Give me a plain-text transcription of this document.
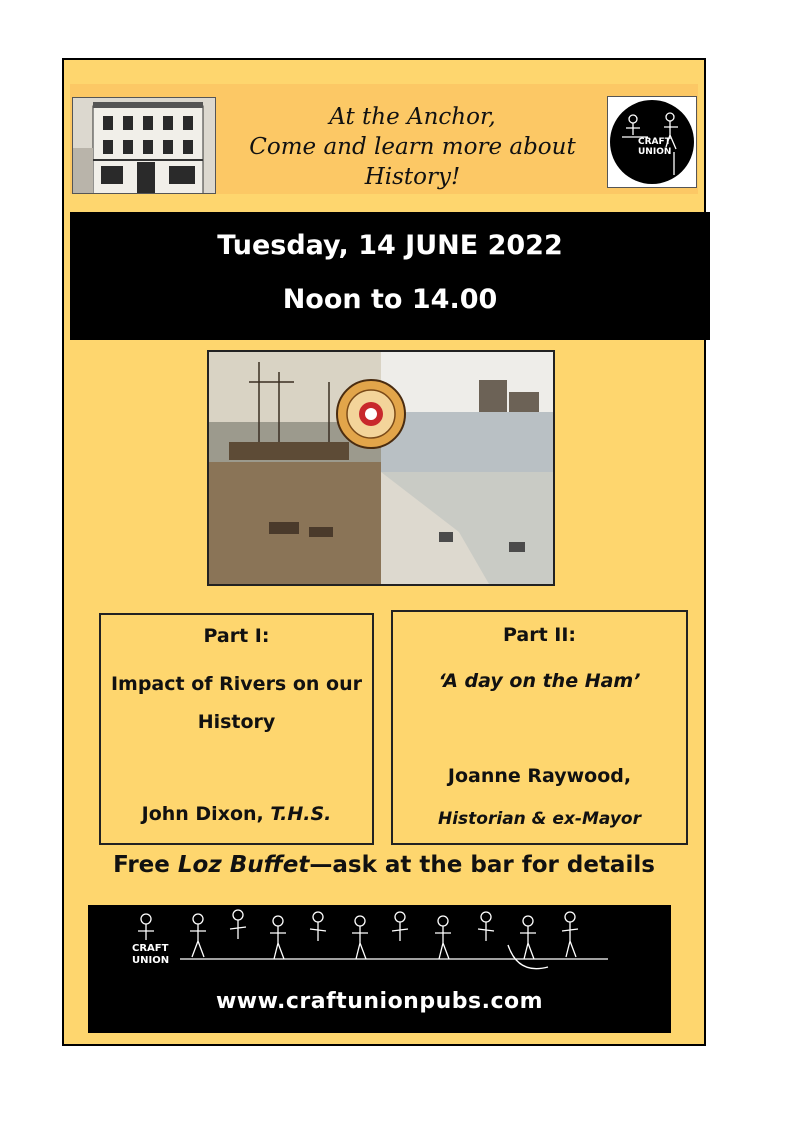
At the Anchor,
Come and learn more about
History!
CRAFT
UNION
Tuesday, 14 JUNE 2022
Noon to 14.00
Part I:
Impact of Rivers on our
History
John Dixon, T.H.S.
Part II:
‘A day on the Ham’
Joanne Raywood,
Historian & ex-Mayor
Free Loz Buffet—ask at the bar for details
CRAFT
UNION
www.craftunionpubs.com
